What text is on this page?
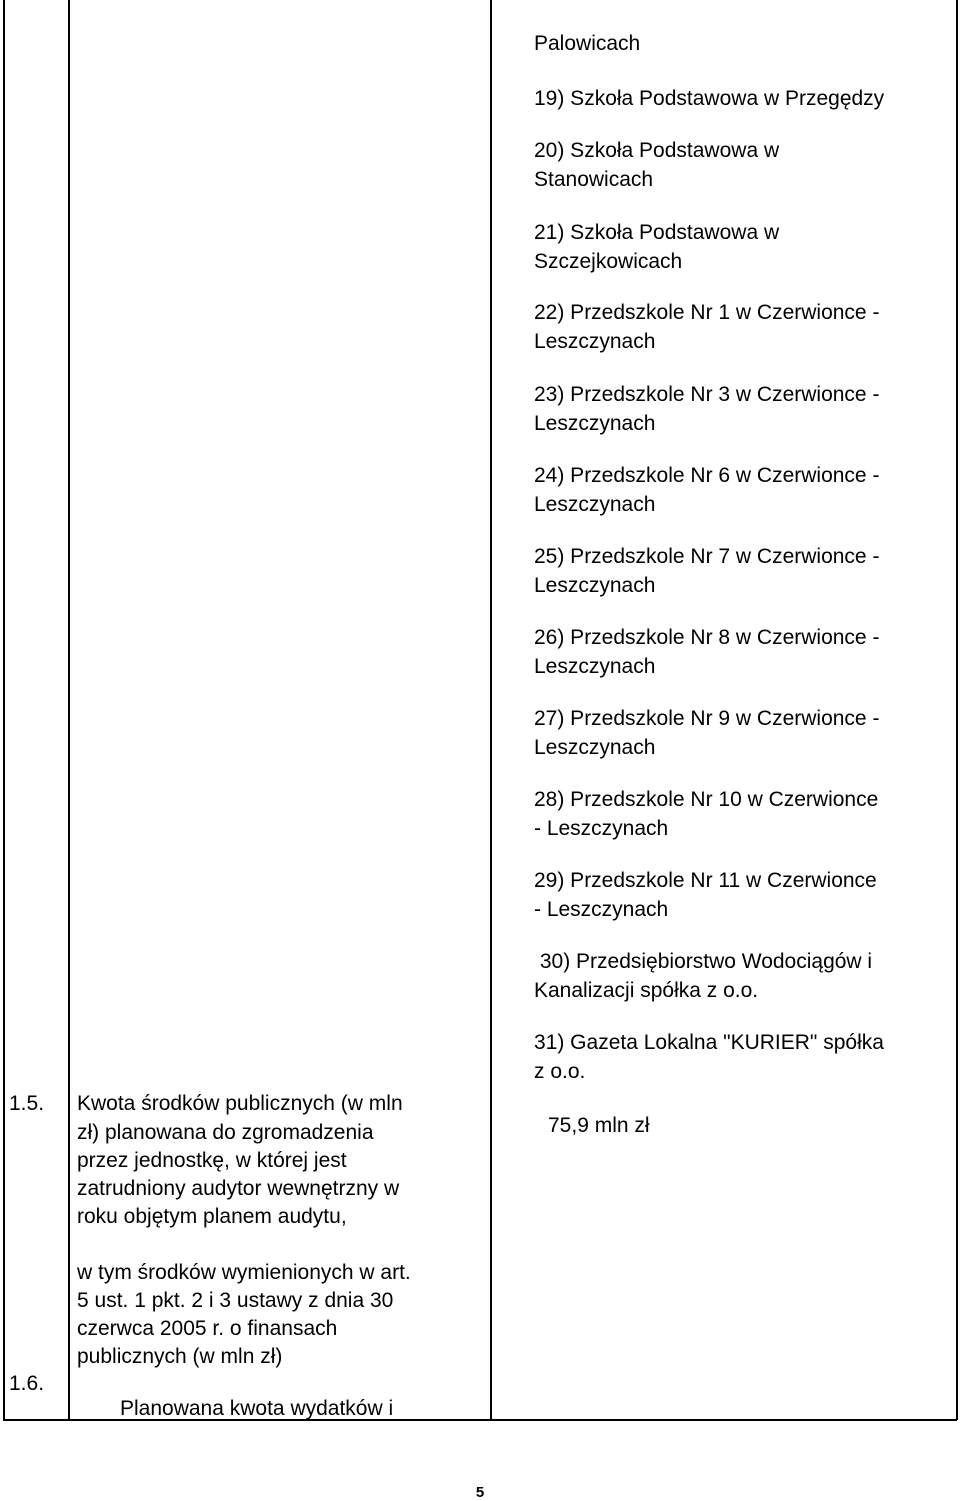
Palowicach
19) Szkoła Podstawowa w Przegędzy
20) Szkoła Podstawowa w
Stanowicach
21) Szkoła Podstawowa w
Szczejkowicach
22) Przedszkole Nr 1 w Czerwionce -
Leszczynach
23) Przedszkole Nr 3 w Czerwionce -
Leszczynach
24) Przedszkole Nr 6 w Czerwionce -
Leszczynach
25) Przedszkole Nr 7 w Czerwionce -
Leszczynach
26) Przedszkole Nr 8 w Czerwionce -
Leszczynach
27) Przedszkole Nr 9 w Czerwionce -
Leszczynach
28) Przedszkole Nr 10 w Czerwionce
- Leszczynach
29) Przedszkole Nr 11 w Czerwionce
- Leszczynach
30) Przedsiębiorstwo Wodociągów i
Kanalizacji spółka z o.o.
31) Gazeta Lokalna "KURIER" spółka
z o.o.
1.5. Kwota środków publicznych (w mln
zł) planowana do zgromadzenia
przez jednostkę, w której jest
zatrudniony audytor wewnętrzny w
roku objętym planem audytu,
75,9 mln zł
w tym środków wymienionych w art.
5 ust. 1 pkt. 2 i 3 ustawy z dnia 30
czerwca 2005 r. o finansach
publicznych (w mln zł)
1.6.
Planowana kwota wydatków i
5
